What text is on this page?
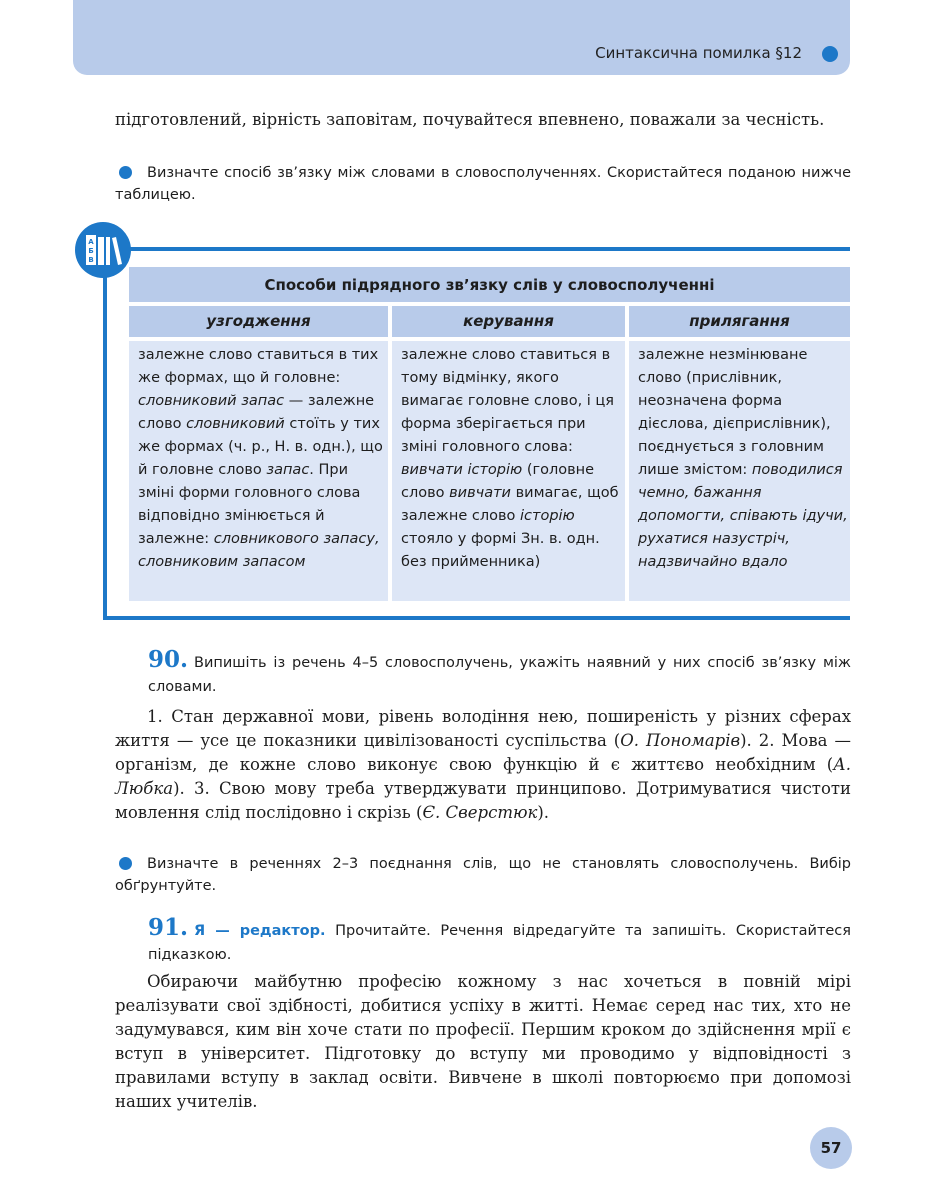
Синтаксична помилка §12

підготовлений, вірність заповітам, почувайтеся впевнено, поважали за чесність.

Визначте спосіб зв’язку між словами в словосполученнях. Скористайтеся поданою нижче таблицею.

А
Б
В
Способи підрядного зв’язку слів у словосполученні
узгодження	керування	прилягання
залежне слово ставиться в тих же формах, що й головне: словниковий запас — залежне слово словниковий стоїть у тих же формах (ч. р., Н. в. одн.), що й головне слово запас. При зміні форми головного слова відповідно змінюється й залежне: словникового запасу, словниковим запасом
залежне слово ставиться в тому відмінку, якого вимагає головне слово, і ця форма зберігається при зміні головного слова: вивчати історію (головне слово вивчати вимагає, щоб залежне слово історію стояло у формі Зн. в. одн. без прийменника)
залежне незмінюване слово (прислівник, неозначена форма дієслова, дієприслівник), поєднується з головним лише змістом: поводилися чемно, бажання допомогти, співають ідучи, рухатися назустріч, надзвичайно вдало

90. Випишіть із речень 4–5 словосполучень, укажіть наявний у них спосіб зв’язку між словами.

1. Стан державної мови, рівень володіння нею, поширеність у різних сферах життя — усе це показники цивілізованості суспільства (О. Пономарів). 2. Мова — організм, де кожне слово виконує свою функцію й є життєво необхідним (А. Любка). 3. Свою мову треба утверджувати принципово. Дотримуватися чистоти мовлення слід послідовно і скрізь (Є. Сверстюк).

Визначте в реченнях 2–3 поєднання слів, що не становлять словосполучень. Вибір обґрунтуйте.

91. Я — редактор. Прочитайте. Речення відредагуйте та запишіть. Скористайтеся підказкою.

Обираючи майбутню професію кожному з нас хочеться в повній мірі реалізувати свої здібності, добитися успіху в житті. Немає серед нас тих, хто не задумувався, ким він хоче стати по професії. Першим кроком до здійснення мрії є вступ в університет. Підготовку до вступу ми проводимо у відповідності з правилами вступу в заклад освіти. Вивчене в школі повторюємо при допомозі наших учителів.

57
